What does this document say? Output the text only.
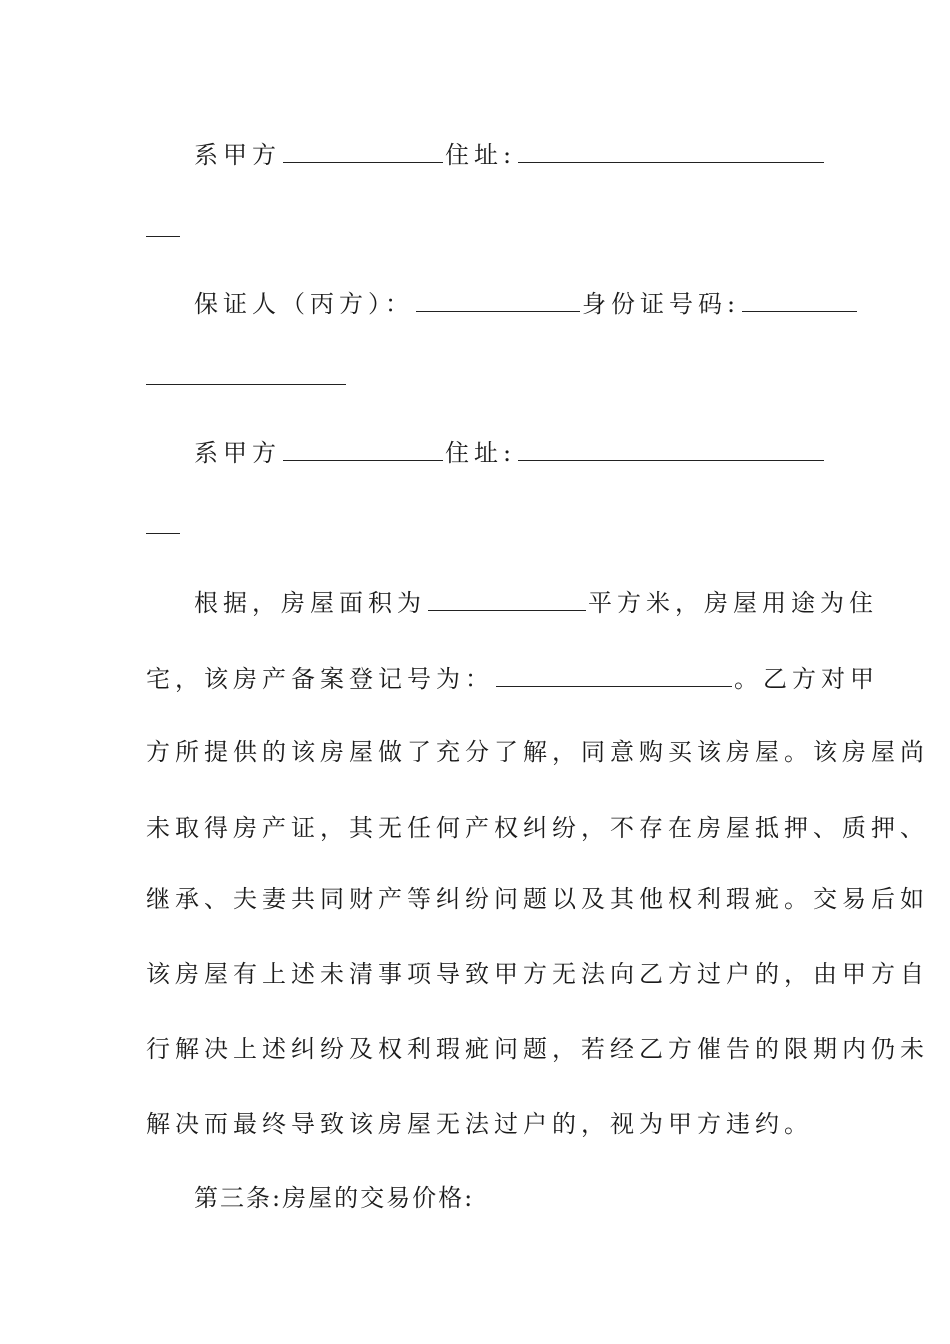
系甲方	住址:
保证人（丙方）：	身份证号码:
系甲方	住址:
根据，房屋面积为	平方米，房屋用途为住
宅，该房产备案登记号为：	。乙方对甲
方所提供的该房屋做了充分了解，同意购买该房屋。该房屋尚
未取得房产证，其无任何产权纠纷，不存在房屋抵押、质押、
继承、夫妻共同财产等纠纷问题以及其他权利瑕疵。交易后如
该房屋有上述未清事项导致甲方无法向乙方过户的，由甲方自
行解决上述纠纷及权利瑕疵问题，若经乙方催告的限期内仍未
解决而最终导致该房屋无法过户的，视为甲方违约。
第三条:房屋的交易价格:
